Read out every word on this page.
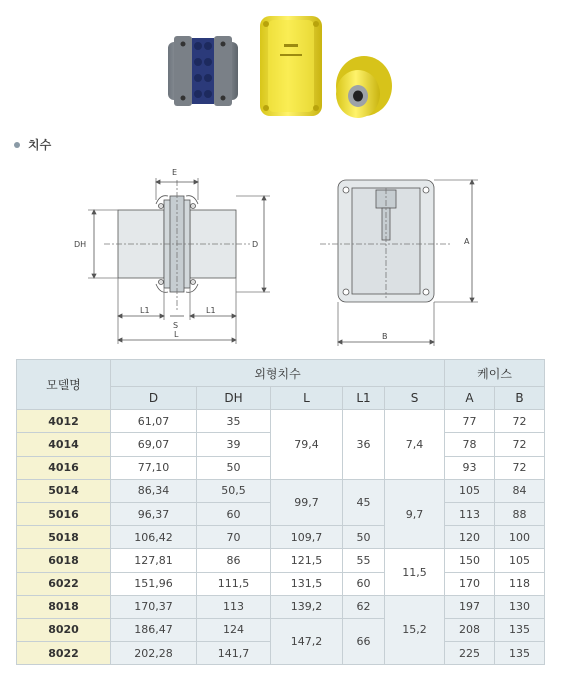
치수
E
DH	D
L1
S
L1
L
A
B
모델명	외형치수					케이스	
	D	DH	L	L1	S	A	B
4012	61,07	35	79,4	36	7,4	77	72
4014	69,07	39				78	72
4016	77,10	50				93	72
5014	86,34	50,5	99,7	45	9,7	105	84
5016	96,37	60				113	88
5018	106,42	70	109,7	50		120	100
6018	127,81	86	121,5	55	11,5	150	105
6022	151,96	111,5	131,5	60		170	118
8018	170,37	113	139,2	62	15,2	197	130
8020	186,47	124	147,2	66		208	135
8022	202,28	141,7				225	135
